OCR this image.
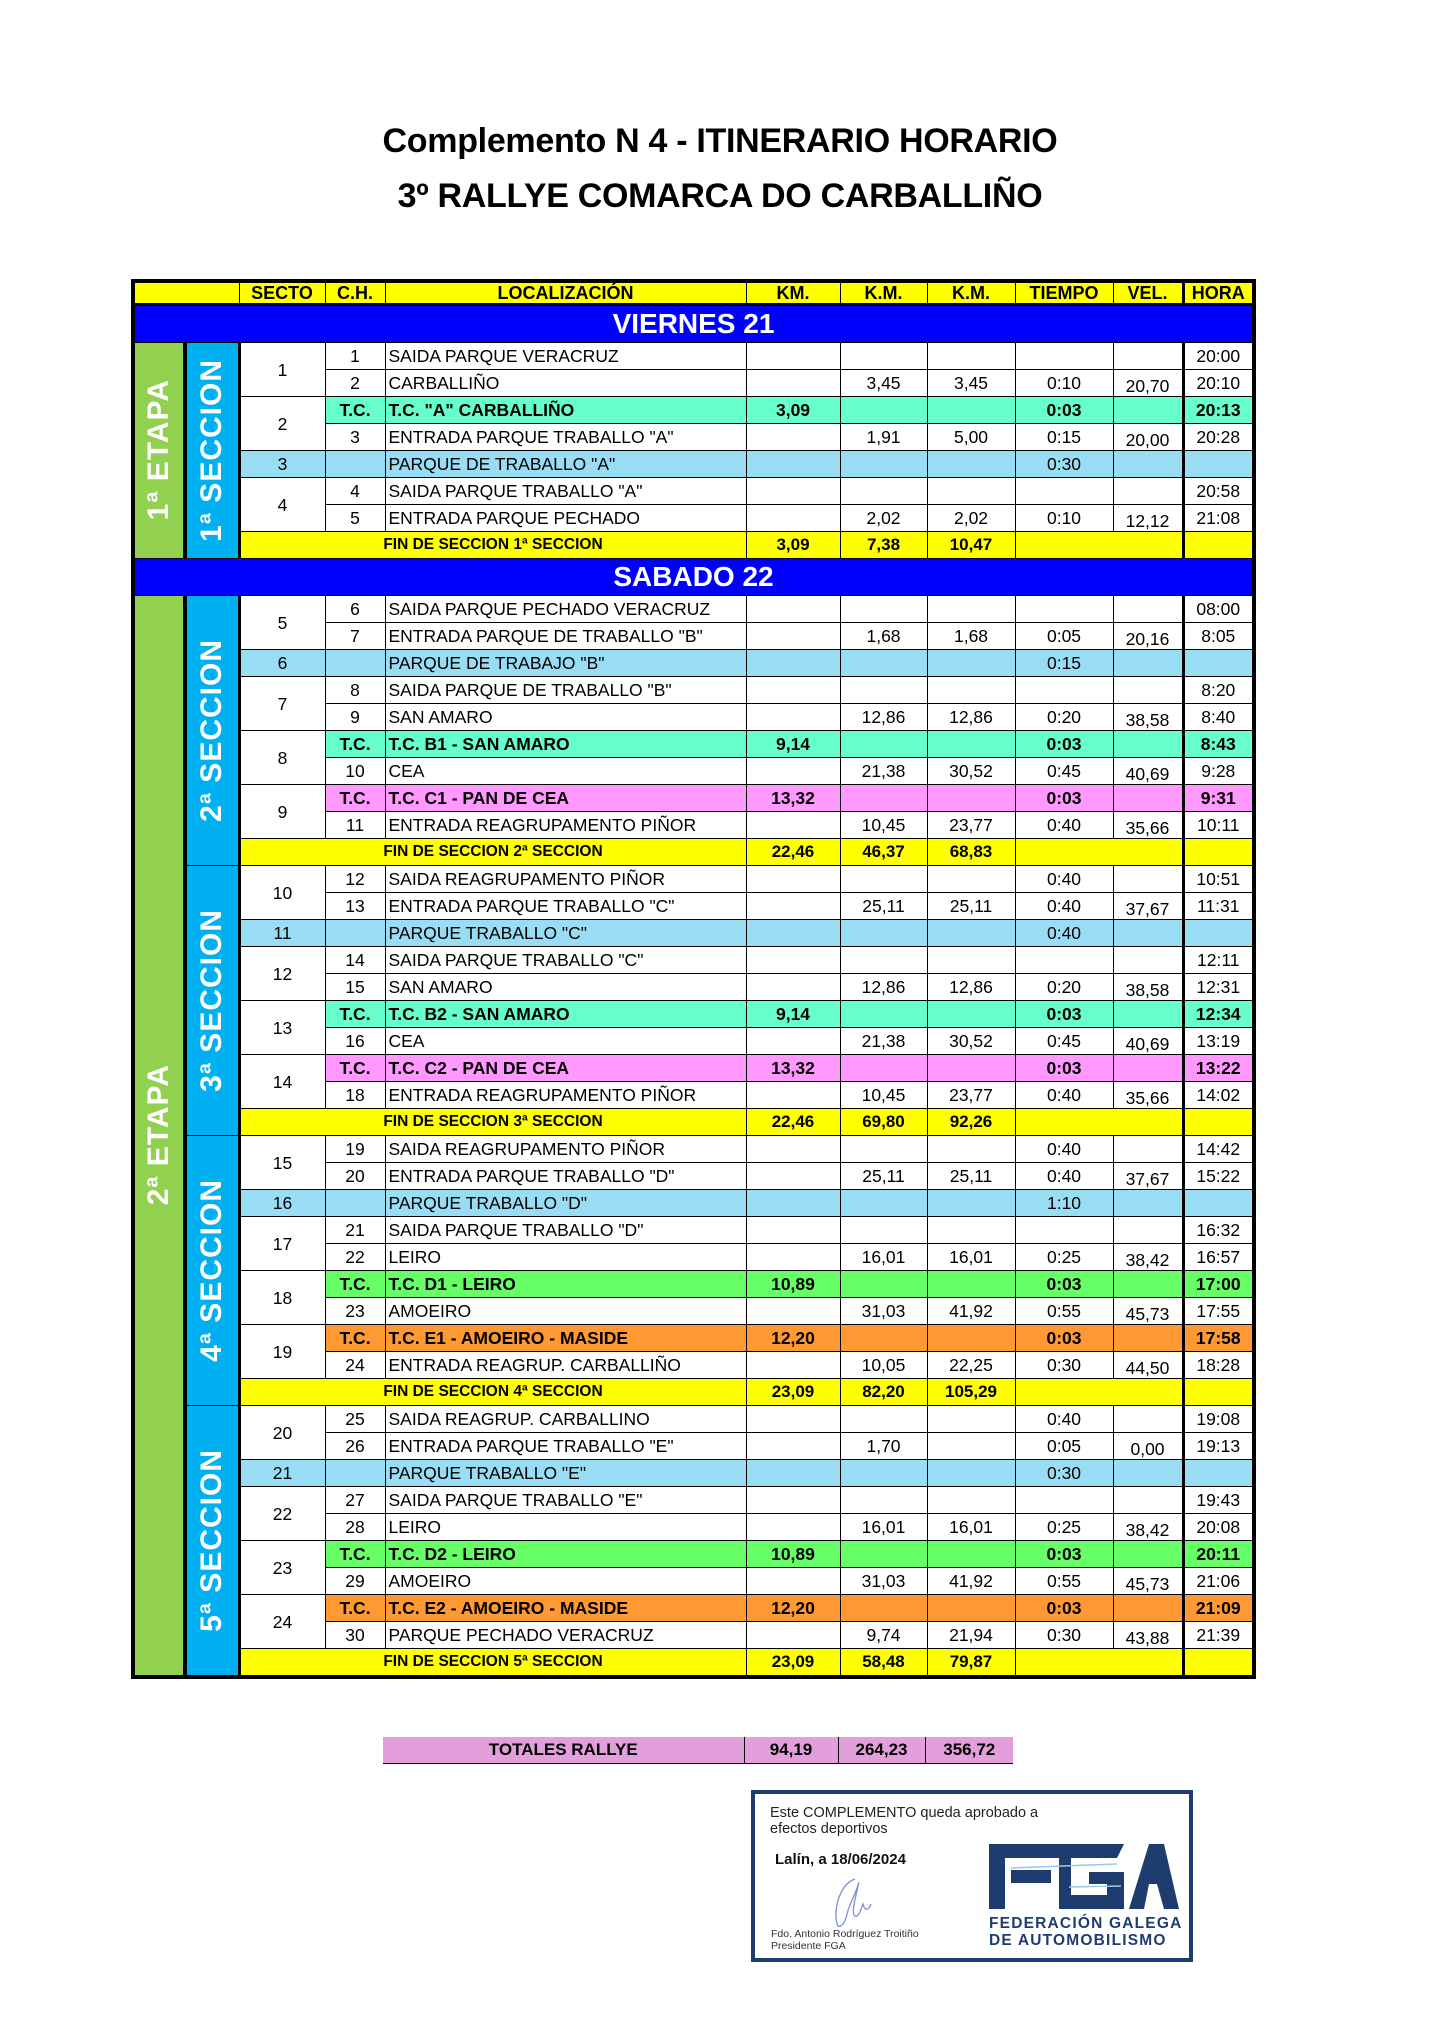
Complemento N 4 - ITINERARIO HORARIO
3º RALLYE COMARCA DO CARBALLIÑO
		SECTO	C.H.	LOCALIZACIÓN	KM.	K.M.	K.M.	TIEMPO	VEL.	HORA
VIERNES 21										
1ª ETAPA	1ª SECCION	1	1	SAIDA PARQUE VERACRUZ						20:00
			2	CARBALLIÑO		3,45	3,45	0:10	20,70	20:10
		2	T.C.	T.C. "A" CARBALLIÑO	3,09			0:03		20:13
			3	ENTRADA PARQUE TRABALLO "A"		1,91	5,00	0:15	20,00	20:28
		3		PARQUE DE TRABALLO "A"				0:30		
		4	4	SAIDA PARQUE TRABALLO "A"						20:58
			5	ENTRADA PARQUE PECHADO		2,02	2,02	0:10	12,12	21:08
		FIN DE SECCION 1ª SECCION			3,09	7,38	10,47			
SABADO 22										
2ª ETAPA	2ª SECCION	5	6	SAIDA PARQUE PECHADO VERACRUZ						08:00
			7	ENTRADA PARQUE DE TRABALLO "B"		1,68	1,68	0:05	20,16	8:05
		6		PARQUE DE TRABAJO "B"				0:15		
		7	8	SAIDA PARQUE DE TRABALLO "B"						8:20
			9	SAN AMARO		12,86	12,86	0:20	38,58	8:40
		8	T.C.	T.C. B1 - SAN AMARO	9,14			0:03		8:43
			10	CEA		21,38	30,52	0:45	40,69	9:28
		9	T.C.	T.C. C1 - PAN DE CEA	13,32			0:03		9:31
			11	ENTRADA REAGRUPAMENTO PIÑOR		10,45	23,77	0:40	35,66	10:11
		FIN DE SECCION 2ª SECCION			22,46	46,37	68,83			
	3ª SECCION	10	12	SAIDA REAGRUPAMENTO PIÑOR				0:40		10:51
			13	ENTRADA PARQUE TRABALLO "C"		25,11	25,11	0:40	37,67	11:31
		11		PARQUE TRABALLO "C"				0:40		
		12	14	SAIDA PARQUE TRABALLO "C"						12:11
			15	SAN AMARO		12,86	12,86	0:20	38,58	12:31
		13	T.C.	T.C. B2 - SAN AMARO	9,14			0:03		12:34
			16	CEA		21,38	30,52	0:45	40,69	13:19
		14	T.C.	T.C. C2 - PAN DE CEA	13,32			0:03		13:22
			18	ENTRADA REAGRUPAMENTO PIÑOR		10,45	23,77	0:40	35,66	14:02
		FIN DE SECCION 3ª SECCION			22,46	69,80	92,26			
	4ª SECCION	15	19	SAIDA REAGRUPAMENTO PIÑOR				0:40		14:42
			20	ENTRADA PARQUE TRABALLO "D"		25,11	25,11	0:40	37,67	15:22
		16		PARQUE TRABALLO "D"				1:10		
		17	21	SAIDA PARQUE TRABALLO "D"						16:32
			22	LEIRO		16,01	16,01	0:25	38,42	16:57
		18	T.C.	T.C. D1 - LEIRO	10,89			0:03		17:00
			23	AMOEIRO		31,03	41,92	0:55	45,73	17:55
		19	T.C.	T.C. E1 - AMOEIRO - MASIDE	12,20			0:03		17:58
			24	ENTRADA REAGRUP. CARBALLIÑO		10,05	22,25	0:30	44,50	18:28
		FIN DE SECCION 4ª SECCION			23,09	82,20	105,29			
	5ª SECCION	20	25	SAIDA REAGRUP. CARBALLINO				0:40		19:08
			26	ENTRADA PARQUE TRABALLO "E"		1,70		0:05	0,00	19:13
		21		PARQUE TRABALLO "E"				0:30		
		22	27	SAIDA PARQUE TRABALLO "E"						19:43
			28	LEIRO		16,01	16,01	0:25	38,42	20:08
		23	T.C.	T.C. D2 - LEIRO	10,89			0:03		20:11
			29	AMOEIRO		31,03	41,92	0:55	45,73	21:06
		24	T.C.	T.C. E2 - AMOEIRO - MASIDE	12,20			0:03		21:09
			30	PARQUE PECHADO VERACRUZ		9,74	21,94	0:30	43,88	21:39
		FIN DE SECCION 5ª SECCION			23,09	58,48	79,87			
TOTALES RALLYE	94,19	264,23	356,72
Este COMPLEMENTO queda aprobado a efectos deportivos
Lalín, a 18/06/2024
Fdo. Antonio Rodríguez Troitiño
Presidente FGA
FEDERACIÓN GALEGA
DE AUTOMOBILISMO
